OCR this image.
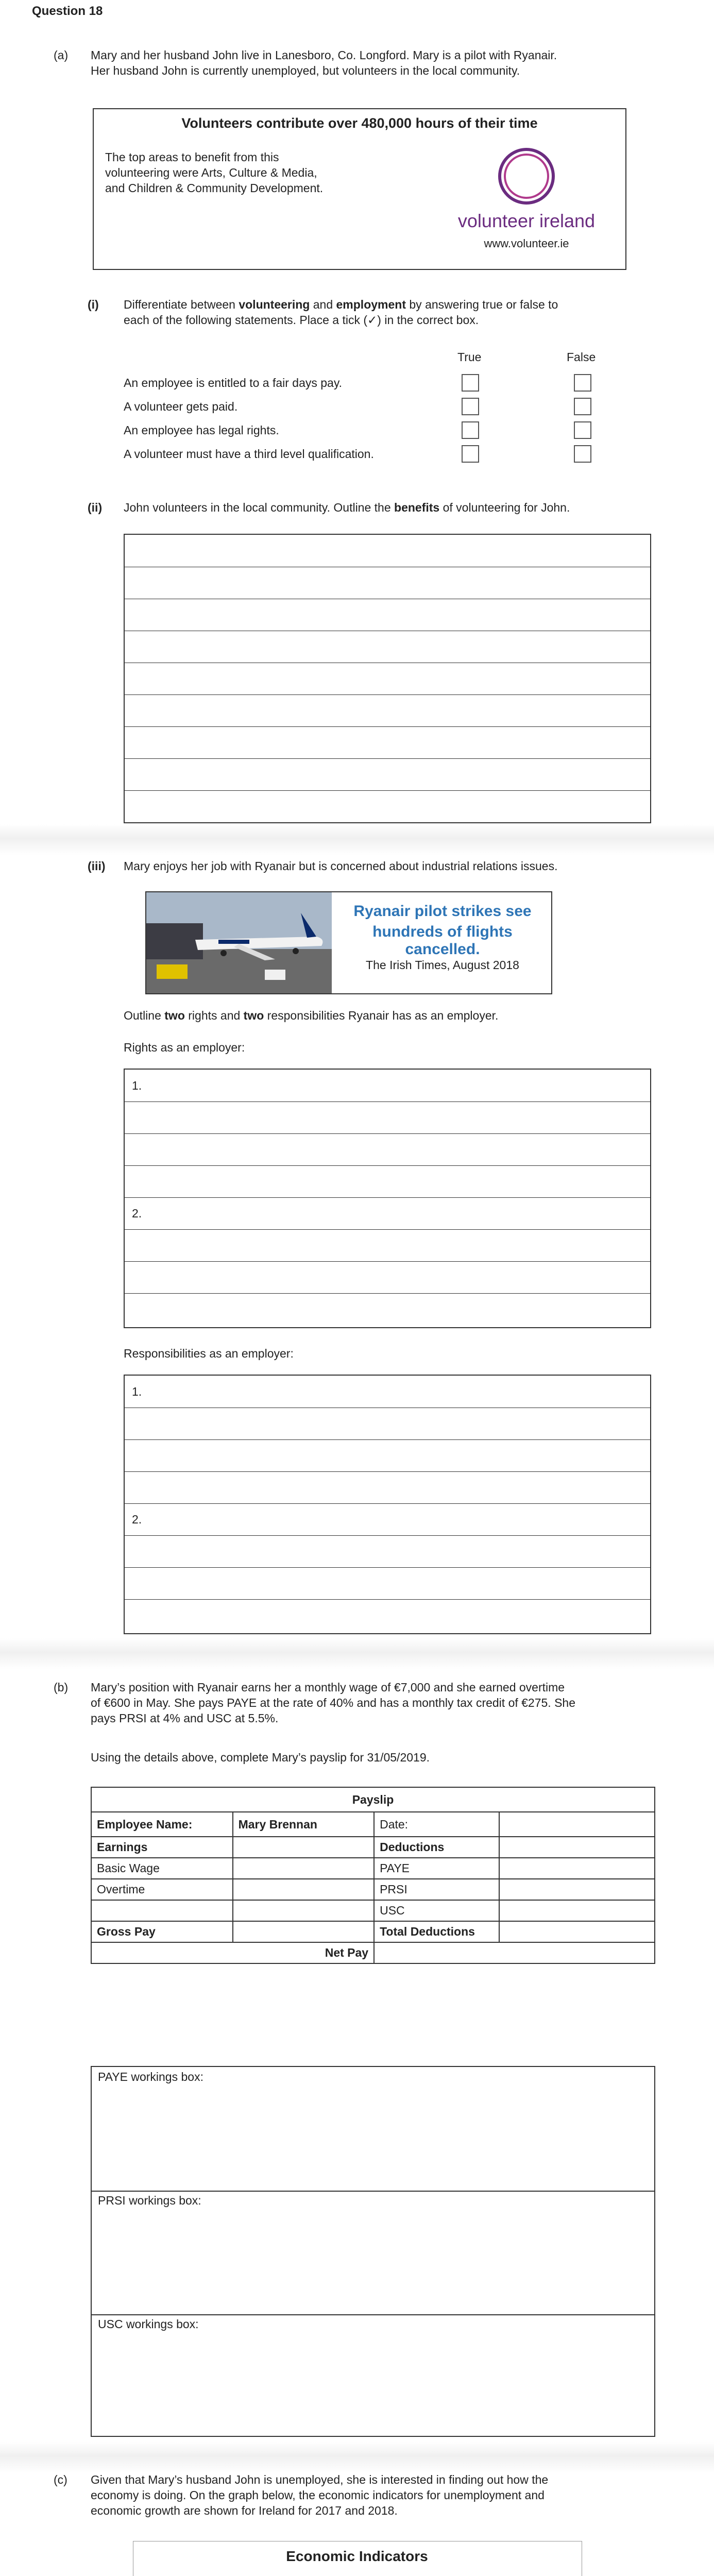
Question 18
(a) Mary and her husband John live in Lanesboro, Co. Longford. Mary is a pilot with Ryanair.
Her husband John is currently unemployed, but volunteers in the local community.
Volunteers contribute over 480,000 hours of their time
The top areas to benefit from this
volunteering were Arts, Culture & Media,
and Children & Community Development.
volunteer ireland
www.volunteer.ie
(i) Differentiate between volunteering and employment by answering true or false to
each of the following statements. Place a tick (✓) in the correct box.
True	False
An employee is entitled to a fair days pay.
A volunteer gets paid.
An employee has legal rights.
A volunteer must have a third level qualification.
(ii) John volunteers in the local community. Outline the benefits of volunteering for John.
(iii) Mary enjoys her job with Ryanair but is concerned about industrial relations issues.
Ryanair pilot strikes see
hundreds of flights cancelled.
The Irish Times, August 2018
Outline two rights and two responsibilities Ryanair has as an employer.
Rights as an employer:
1.
2.
Responsibilities as an employer:
1.
2.
(b) Mary’s position with Ryanair earns her a monthly wage of €7,000 and she earned overtime
of €600 in May. She pays PAYE at the rate of 40% and has a monthly tax credit of €275. She
pays PRSI at 4% and USC at 5.5%.
Using the details above, complete Mary’s payslip for 31/05/2019.
Payslip			
Employee Name:	Mary Brennan	Date:	
Earnings		Deductions	
Basic Wage		PAYE	
Overtime		PRSI	
		USC	
Gross Pay		Total Deductions	
Net Pay			
PAYE workings box:
PRSI workings box:
USC workings box:
(c) Given that Mary’s husband John is unemployed, she is interested in finding out how the
economy is doing. On the graph below, the economic indicators for unemployment and
economic growth are shown for Ireland for 2017 and 2018.
Economic Indicators
